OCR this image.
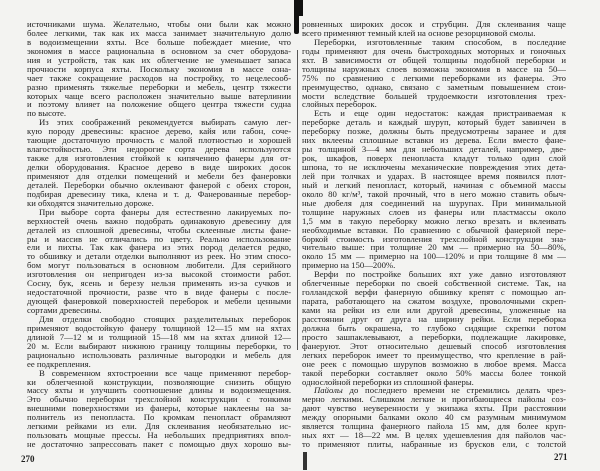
источниками шума. Желательно, чтобы они были как можно
более легкими, так как их масса занимает значительную долю
в водоизмещении яхты. Все больше побеждает мнение, что
экономия в массе рациональна в основном за счет оборудова-
ния и устройств, так как их облегчение не уменьшает запаса
прочности корпуса яхты. Поскольку экономия в массе озна-
чает также сокращение расходов на постройку, то нецелесооб-
разно применять тяжелые переборки и мебель, центр тяжести
которых чаще всего расположен значительно выше ватерлинии
и поэтому влияет на положение общего центра тяжести судна
по высоте.
Из этих соображений рекомендуется выбирать самую лег-
кую породу древесины: красное дерево, кайя или габон, соче-
тающие достаточную прочность с малой плотностью и хорошей
влагостойкостью. Эти недорогие сорта дерева используются
также для изготовления стойкой к кипячению фанеры для от-
делки оборудования. Красное дерево в виде широких досок
применяют для отделки помещений и мебели без фанеровки
деталей. Переборки обычно оклеивают фанерой с обеих сторон,
подбирая древесину тика, клена и т. д. Фанерованные перебор-
ки обходятся значительно дороже.
При выборе сорта фанеры для естественно лакируемых по-
верхностей очень важно подобрать одинаковую древесину для
деталей из сплошной древесины, чтобы склеенные листы фане-
ры и массив не отличались по цвету. Реально использование
ели и пихты. Так как фанера из этих пород делается редко,
то обшивку и детали отделки выполняют из реек. Но этим спосо-
бом могут пользоваться в основном любители. Для серийного
изготовления он непригоден из-за высокой стоимости работ.
Сосну, бук, ясень и березу нельзя применять из-за сучков и
недостаточной прочности, разве что в виде фанеры с после-
дующей фанеровкой поверхностей переборок и мебели ценными
сортами древесины.
Для отделки свободно стоящих разделительных переборок
применяют водостойкую фанеру толщиной 12—15 мм на яхтах
длиной 7—12 м и толщиной 15—18 мм на яхтах длиной 12—
20 м. Если выбирают нижнюю границу толщины переборки, то
рационально использовать различные выгородки и мебель для
ее подкрепления.
В современном яхтостроении все чаще применяют перебор-
ки облегченной конструкции, позволяющие снизить общую
массу яхты и улучшить соотношение длины и водоизмещения.
Это обычно переборки трехслойной конструкции с тонкими
внешними поверхностями из фанеры, которые наклеены на за-
полнитель из пенопласта. По кромкам пенопласт обрамляют
легкими рейками из ели. Для склеивания необязательно ис-
пользовать мощные прессы. На небольших предприятиях впол-
не достаточно запрессовать пакет с помощью двух хорошо вы-
ровненных широких досок и струбцин. Для склеивания чаще
всего применяют темный клей на основе резорциновой смолы.
Переборки, изготовленные таким способом, в последние
годы применяют для очень быстроходных моторных и гоночных
яхт. В зависимости от общей толщины подобной переборки и
толщины наружных слоев возможна экономия в массе на 50—
75% по сравнению с легкими переборками из фанеры. Это
преимущество, однако, связано с заметным повышением стои-
мости вследствие большей трудоемкости изготовления трех-
слойных переборок.
Есть и еще один недостаток: каждая пристраиваемая к
переборке деталь и каждый шуруп, который будет завинчен в
переборку позже, должны быть предусмотрены заранее и для
них вклеены сплошные вставки из дерева. Если вместо фане-
ры толщиной 3—4 мм для небольших деталей, например, две-
рок, шкафов, поверх пенопласта кладут только один слой
шпона, то не исключены механические повреждения этих дета-
лей при толчках и ударах. В настоящее время появился плот-
ный и легкий пенопласт, который, начиная с объемной массы
около 80 кг/м³, такой прочный, что в него можно ставить обыч-
ные дюбеля для соединений на шурупах. При минимальной
толщине наружных слоев из фанеры или пластмассы около
1,5 мм в такую переборку можно легко врезать и вклеивать
необходимые вставки. По сравнению с обычной фанерной пере-
боркой стоимость изготовления трехслойной конструкции зна-
чительно выше: при толщине 20 мм — примерно на 50—80%,
около 15 мм — примерно на 100—120% и при толщине 8 мм —
примерно на 150—200%.
Верфи по постройке больших яхт уже давно изготовляют
облегченные переборки по своей собственной системе. Так, на
голландской верфи фанерную обшивку крепят с помощью ап-
парата, работающего на сжатом воздухе, проволочными скреп-
ками на рейки из ели или другой древесины, уложенные на
расстоянии друг от друга на ширину рейки. Если переборка
должна быть окрашена, то глубоко сидящие скрепки потом
просто зашпаклевывают, а переборки, подлежащие лакировке,
фанеруют. Этот относительно дешевый способ изготовления
легких переборок имеет то преимущество, что крепление в рай-
оне реек с помощью шурупов возможно в любое время. Масса
такой переборки составляет около 50% массы более тонкой
однослойной переборки из сплошной фанеры.
Пайолы до последнего времени не стремились делать чрез-
мерно легкими. Слишком легкие и прогибающиеся пайолы соз-
дают чувство неуверенности у экипажа яхты. При расстоянии
между опорными балками около 40 см разумным минимумом
является толщина фанерного пайола 15 мм, для более круп-
ных яхт — 18—22 мм. В целях удешевления для пайолов час-
то применяют плиты, набранные из брусков ели, с толстой
270	271
